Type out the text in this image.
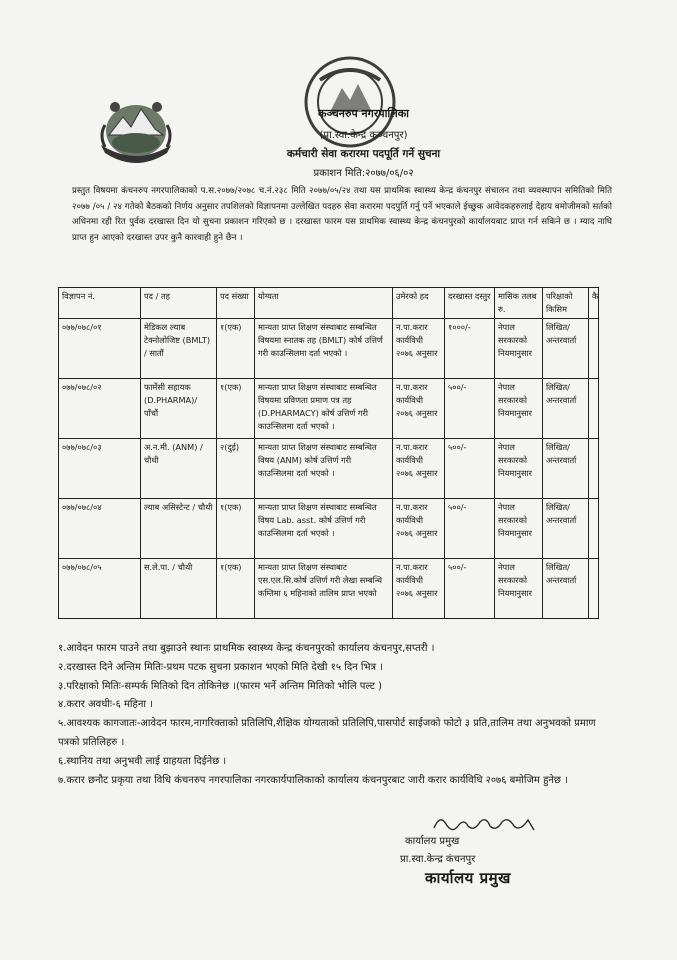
कञ्चनरुप नगरपालिका
(प्रा.स्वा.केन्द्र कञ्चनपुर)
कर्मचारी सेवा करारमा पदपूर्ति गर्ने सुचना
प्रकाशन मिति:२०७७/०६/०२
प्रस्तुत विषयमा कंचनरुप नगरपालिकाको प.स.२०७७/२०७८ च.नं.२३८ मिति २०७७/०५/२४ तथा यस प्राथमिक स्वास्थ्य केन्द्र कंचनपुर संचालन तथा व्यवस्थापन समितिको मिति २०७७ /०५ / २४ गतेको बैठकको निर्णय अनुसार तपशिलको विज्ञापनमा उल्लेखित पदहरु सेवा करारमा पदपुर्ति गर्नु पर्ने भएकाले ईच्छुक आवेदकहरुलाई देहाय बमोजीमको सर्तको अधिनमा रही रित पुर्वक दरखास्त दिन यो सुचना प्रकाशन गरिएको छ । दरखास्त फारम यस प्राथमिक स्वास्थ्य केन्द्र कंचनपुरको कार्यालयबाट प्राप्त गर्न सकिने छ । म्याद नाघि प्राप्त हुन आएको दरखास्त उपर कुनै कारवाही हुने छैन ।
विज्ञापन नं.	पद / तह	पद संख्या	योग्यता	उमेरको हद	दरखास्त दस्तुर	मासिक तलब रु.	परिक्षाको किसिम	कै
०७७/०७८/०१	मेडिकल ल्याब टेक्नोलोजिष्ट (BMLT) / सातौं	१(एक)	मान्यता प्राप्त शिक्षण संस्थाबाट सम्बन्धित विषयमा स्नातक तह (BMLT) कोर्ष उत्तिर्ण गरी काउन्सिलमा दर्ता भएको ।	न.पा.करार कार्यविधी २०७६ अनुसार	१०००/-	नेपाल सरकारको नियमानुसार	लिखित/ अन्तरवार्ता	
०७७/०७८/०२	फार्मेसी सहायक (D.PHARMA)/ पाँचौं	१(एक)	मान्यता प्राप्त शिक्षण संस्थाबाट सम्बन्धित विषयमा प्रविणता प्रमाण पत्र तह (D.PHARMACY) कोर्ष उत्तिर्ण गरी काउन्सिलमा दर्ता भएको ।	न.पा.करार कार्यविधी २०७६ अनुसार	५००/-	नेपाल सरकारको नियमानुसार	लिखित/ अन्तरवार्ता	
०७७/०७८/०३	अ.न.मी. (ANM) / चौथी	२(दुई)	मान्यता प्राप्त शिक्षण संस्थाबाट सम्बन्धित विषय (ANM) कोर्ष उत्तिर्ण गरी काउन्सिलमा दर्ता भएको ।	न.पा.करार कार्यविधी २०७६ अनुसार	५००/-	नेपाल सरकारको नियमानुसार	लिखित/ अन्तरवार्ता	
०७७/०७८/०४	ल्याब असिस्टेन्ट / चौथी	१(एक)	मान्यता प्राप्त शिक्षण संस्थाबाट सम्बन्धित विषय Lab. asst. कोर्ष उत्तिर्ण गरी काउन्सिलमा दर्ता भएको ।	न.पा.करार कार्यविधी २०७६ अनुसार	५००/-	नेपाल सरकारको नियमानुसार	लिखित/ अन्तरवार्ता	
०७७/०७८/०५	स.ले.पा. / चौथी	१(एक)	मान्यता प्राप्त शिक्षण संस्थाबाट एस.एल.सि.कोर्ष उत्तिर्ण गरी लेखा सम्बन्धि कम्तिमा ६ महिनाको तालिम प्राप्त भएको	न.पा.करार कार्यविधी २०७६ अनुसार	५००/-	नेपाल सरकारको नियमानुसार	लिखित/ अन्तरवार्ता	

१.आवेदन फारम पाउने तथा बुझाउने स्थानः प्राथमिक स्वास्थ्य केन्द्र कंचनपुरको कार्यालय कंचनपुर,सप्तरी ।

२.दरखास्त दिने अन्तिम मितिः-प्रथम पटक सुचना प्रकाशन भएको मिति देखी १५ दिन भित्र ।

३.परिक्षाको मितिः-सम्पर्क मितिको दिन तोकिनेछ ।(फारम भर्ने अन्तिम मितिको भोलि पल्ट )

४.करार अवधीः-६ महिना ।

५.आवश्यक कागजातः-आवेदन फारम,नागरिक्ताको प्रतिलिपि,शैक्षिक योग्यताको प्रतिलिपि,पासपोर्ट साईजको फोटो ३ प्रति,तालिम तथा अनुभवको प्रमाण पत्रको प्रतिलिहरु ।

६.स्थानिय तथा अनुभवी लाई ग्राहयता दिईनेछ ।

७.करार छनौट प्रकृया तथा विधि कंचनरुप नगरपालिका नगरकार्यपालिकाको कार्यालय कंचनपुरबाट जारी करार कार्यविधि २०७६ बमोजिम हुनेछ ।

कार्यालय प्रमुख
प्रा.स्वा.केन्द्र कंचनपुर
कार्यालय प्रमुख
